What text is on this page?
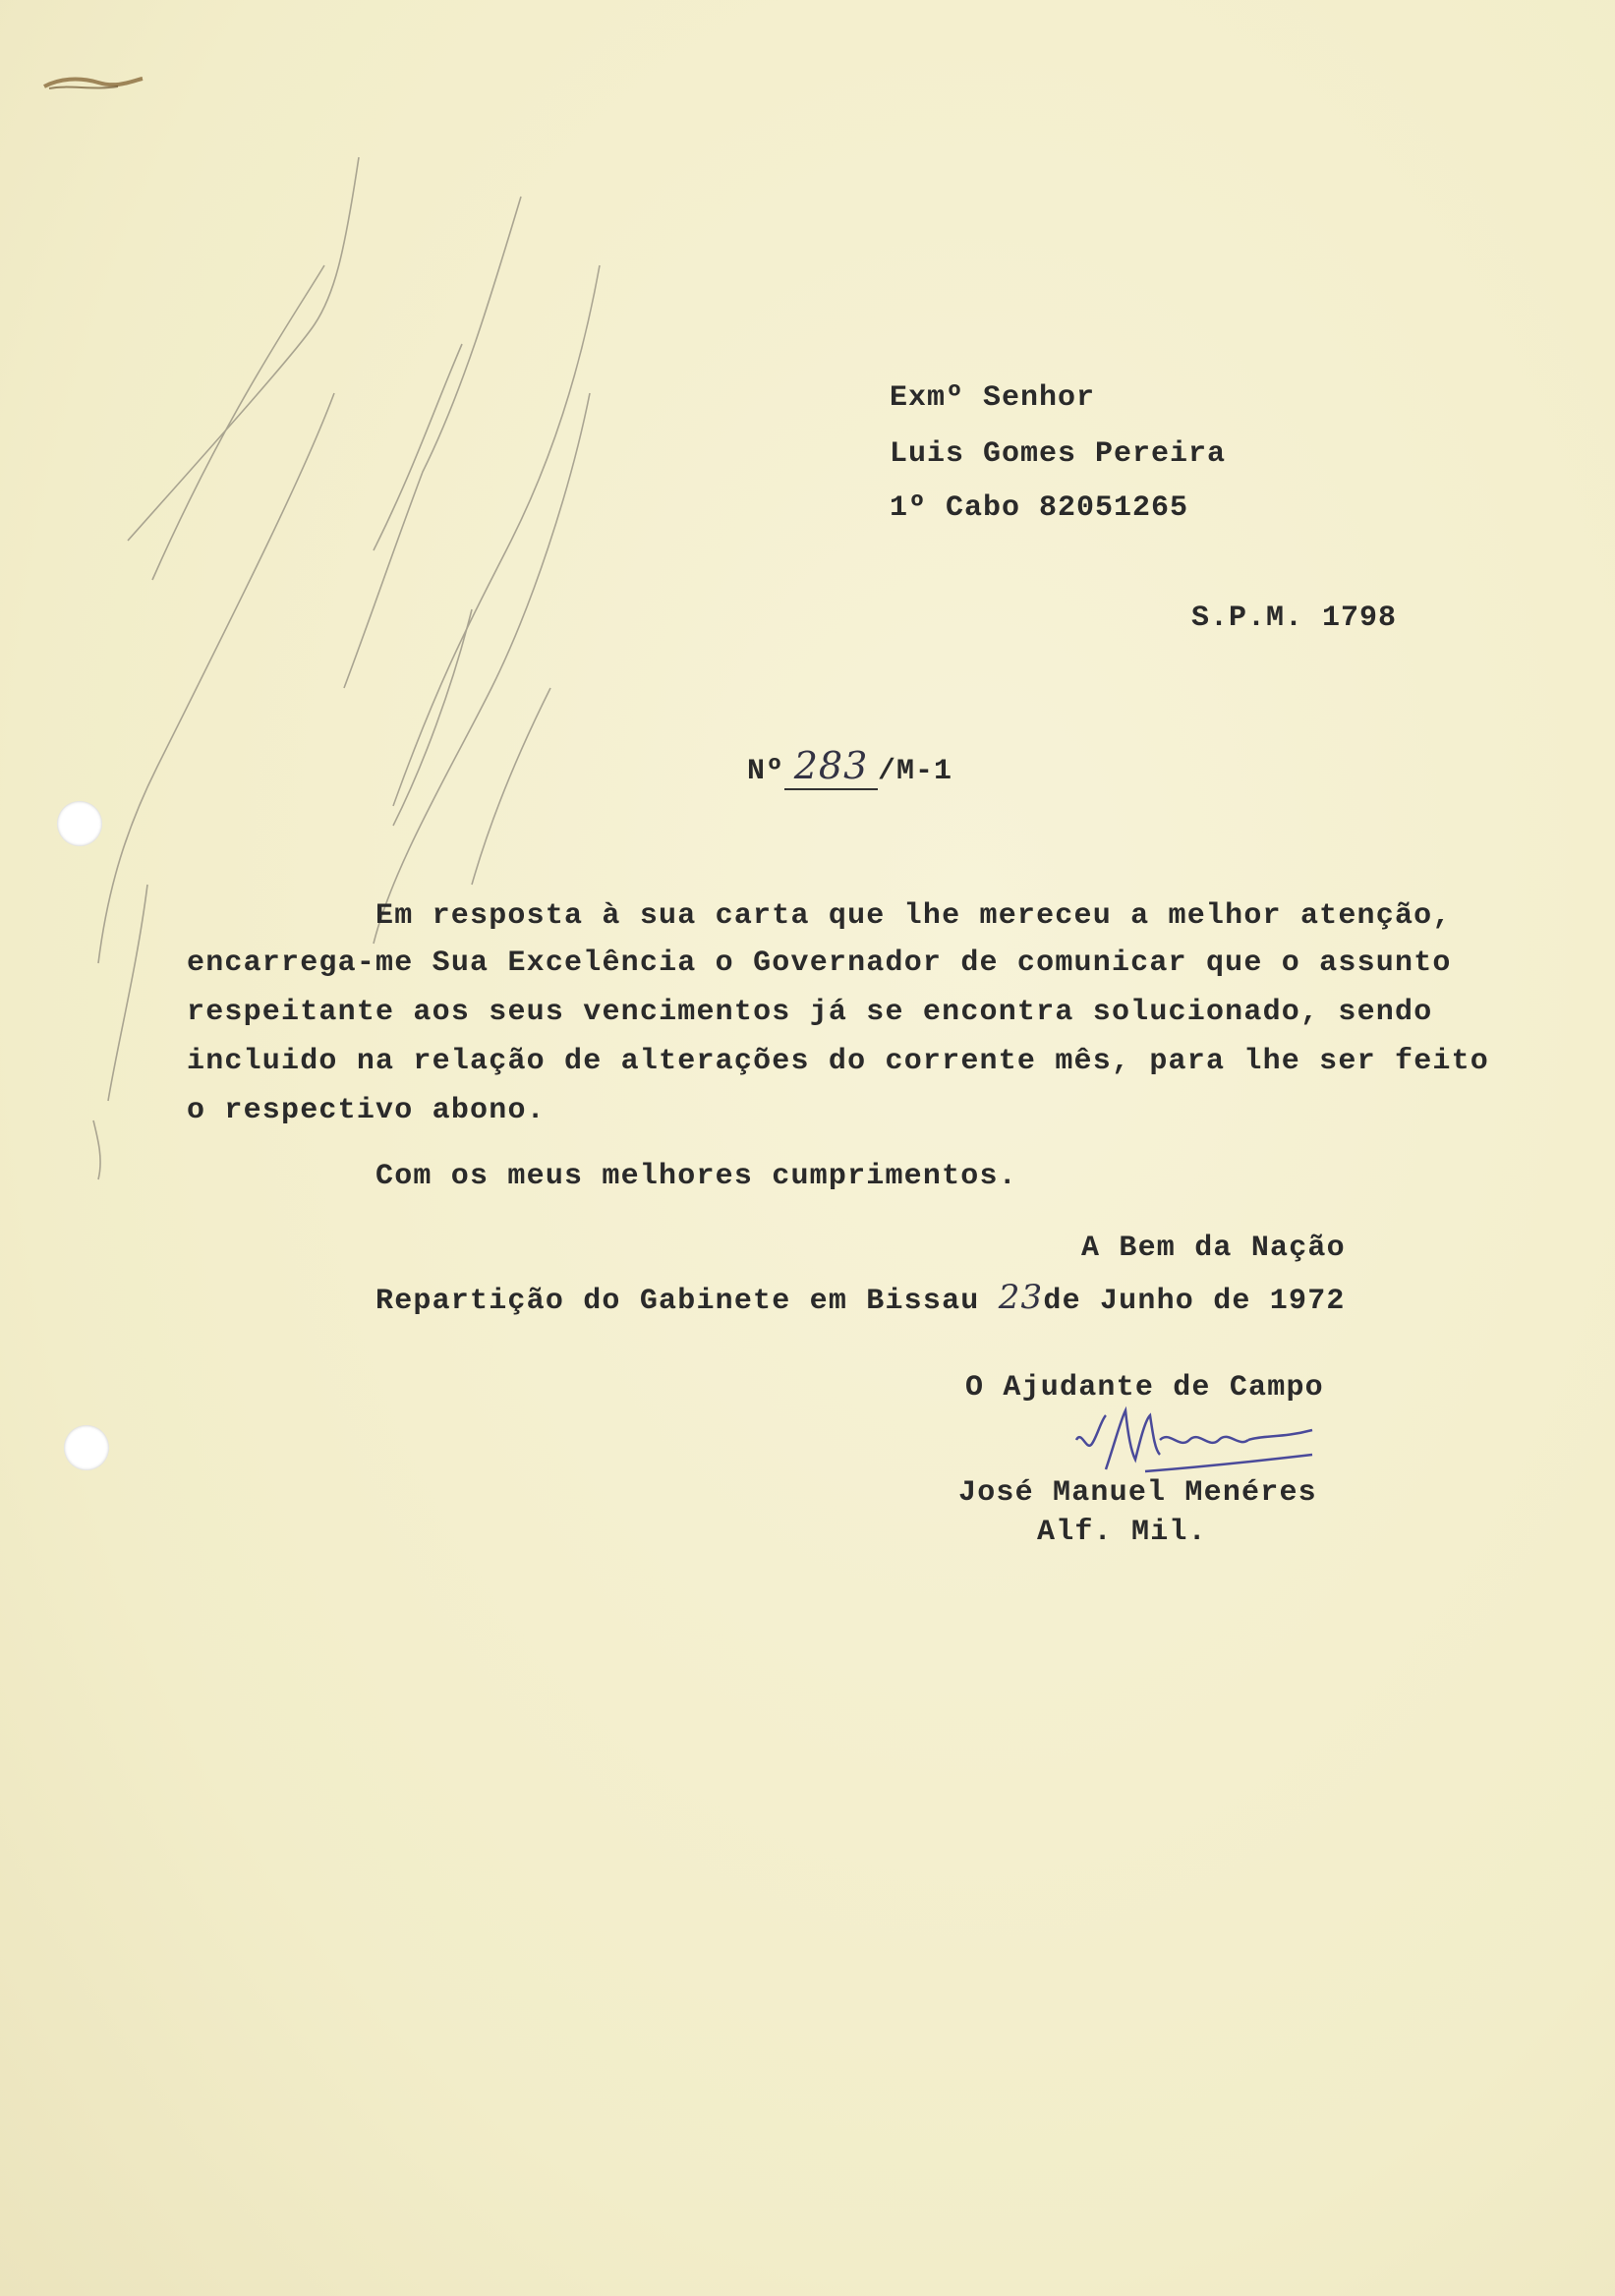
Exmº Senhor
Luis Gomes Pereira
1º Cabo 82051265
S.P.M. 1798
Nº 283 /M-1
Em resposta à sua carta que lhe mereceu a melhor atenção,
encarrega-me Sua Excelência o Governador de comunicar que o assunto
respeitante aos seus vencimentos já se encontra solucionado, sendo
incluido na relação de alterações do corrente mês, para lhe ser feito
o respectivo abono.
Com os meus melhores cumprimentos.
A Bem da Nação
Repartição do Gabinete em Bissau 23de Junho de 1972
O Ajudante de Campo
José Manuel Menéres
Alf. Mil.
